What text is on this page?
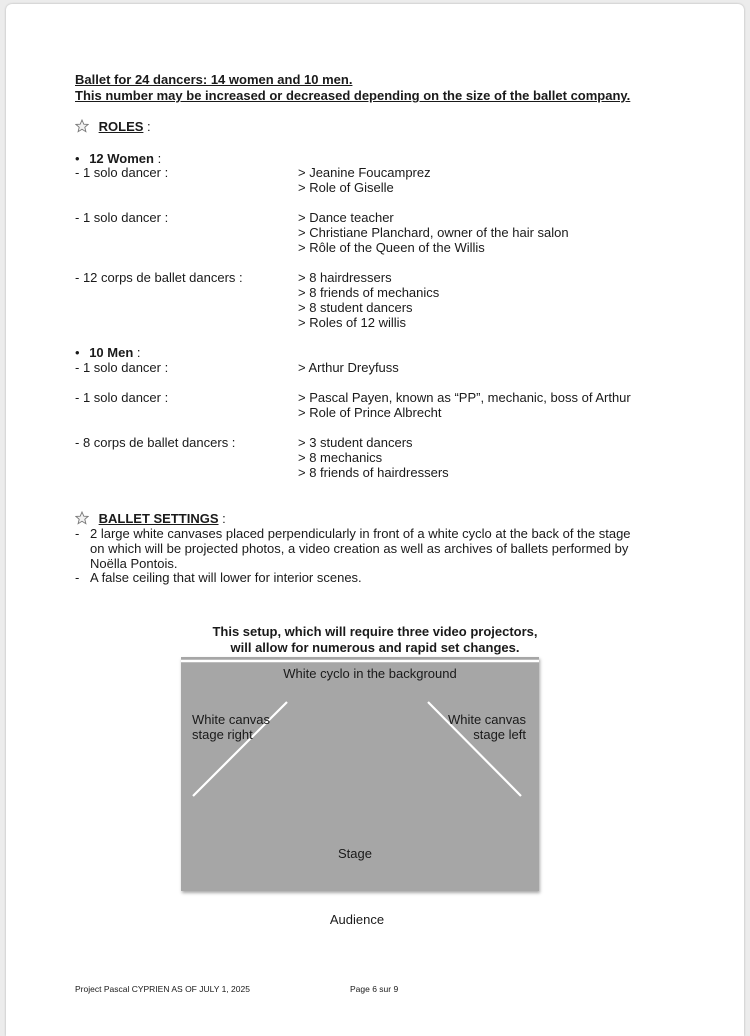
Ballet for 24 dancers: 14 women and 10 men.
This number may be increased or decreased depending on the size of the ballet company.
ROLES :
• 12 Women :
- 1 solo dancer :	> Jeanine Foucamprez
> Role of Giselle
- 1 solo dancer :	> Dance teacher
> Christiane Planchard, owner of the hair salon
> Rôle of the Queen of the Willis
- 12 corps de ballet dancers :	> 8 hairdressers
> 8 friends of mechanics
> 8 student dancers
> Roles of 12 willis
• 10 Men :
- 1 solo dancer :	> Arthur Dreyfuss
- 1 solo dancer :	> Pascal Payen, known as “PP”, mechanic, boss of Arthur
> Role of Prince Albrecht
- 8 corps de ballet dancers :	> 3 student dancers
> 8 mechanics
> 8 friends of hairdressers
BALLET SETTINGS :
- 2 large white canvases placed perpendicularly in front of a white cyclo at the back of the stage
on which will be projected photos, a video creation as well as archives of ballets performed by
Noëlla Pontois.
- A false ceiling that will lower for interior scenes.
This setup, which will require three video projectors,
will allow for numerous and rapid set changes.
White cyclo in the background
White canvas
stage right
White canvas
stage left
Stage
Audience
Project Pascal CYPRIEN AS OF JULY 1, 2025	Page 6 sur 9
